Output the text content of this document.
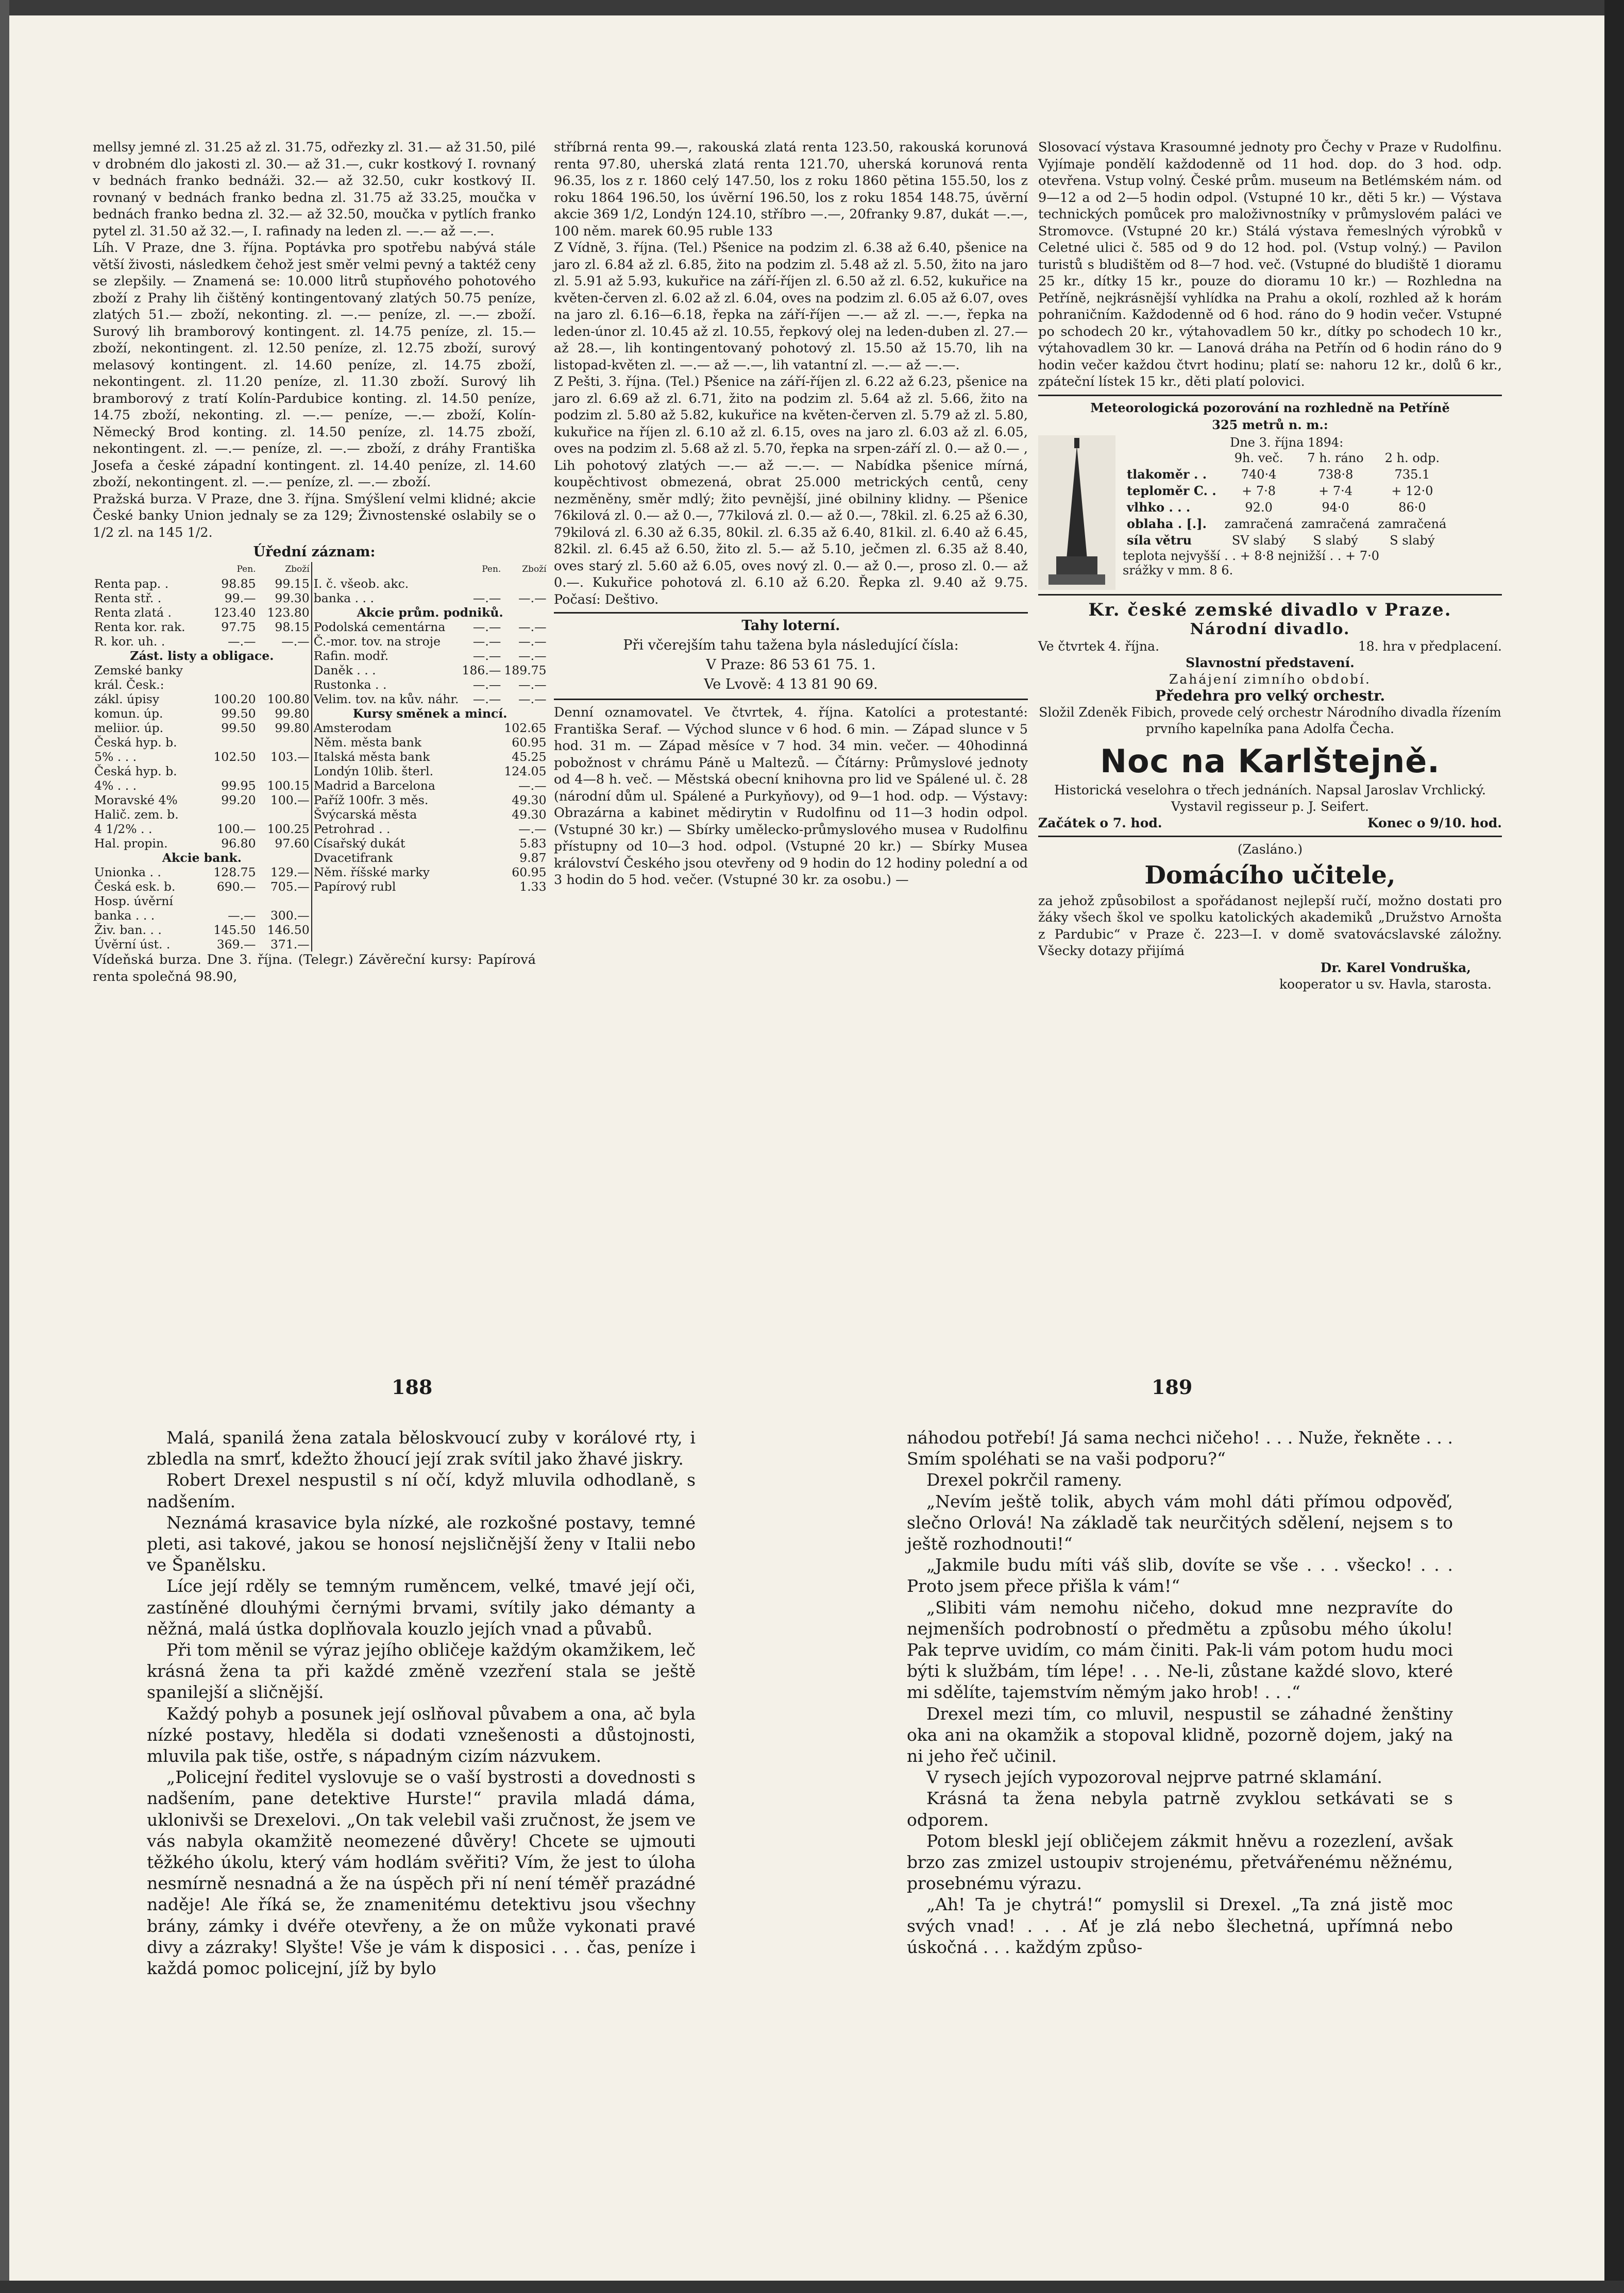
mellsy jemné zl. 31.25 až zl. 31.75, odřezky zl. 31.— až 31.50, pilé v drobném dlo jakosti zl. 30.— až 31.—, cukr kostkový I. rovnaný v bednách franko bednáži. 32.— až 32.50, cukr kostkový II. rovnaný v bednách franko bedna zl. 31.75 až 33.25, moučka v bednách franko bedna zl. 32.— až 32.50, moučka v pytlích franko pytel zl. 31.50 až 32.—, I. rafinady na leden zl. —.— až —.—.

Líh. V Praze, dne 3. října. Poptávka pro spotřebu nabývá stále větší živosti, následkem čehož jest směr velmi pevný a taktéž ceny se zlepšily. — Znamená se: 10.000 litrů stupňového pohotového zboží z Prahy lih čištěný kontingentovaný zlatých 50.75 peníze, zlatých 51.— zboží, nekonting. zl. —.— peníze, zl. —.— zboží. Surový lih bramborový kontingent. zl. 14.75 peníze, zl. 15.— zboží, nekontingent. zl. 12.50 peníze, zl. 12.75 zboží, surový melasový kontingent. zl. 14.60 peníze, zl. 14.75 zboží, nekontingent. zl. 11.20 peníze, zl. 11.30 zboží. Surový lih bramborový z tratí Kolín-Pardubice konting. zl. 14.50 peníze, 14.75 zboží, nekonting. zl. —.— peníze, —.— zboží, Kolín-Německý Brod konting. zl. 14.50 peníze, zl. 14.75 zboží, nekontingent. zl. —.— peníze, zl. —.— zboží, z dráhy Františka Josefa a české západní kontingent. zl. 14.40 peníze, zl. 14.60 zboží, nekontingent. zl. —.— peníze, zl. —.— zboží.

Pražská burza. V Praze, dne 3. října. Smýšlení velmi klidné; akcie České banky Union jednaly se za 129; Živnostenské oslabily se o 1/2 zl. na 145 1/2.

Úřední záznam:
	Pen.	Zboží
Renta pap. .	98.85	99.15
Renta stř. .	99.—	99.30
Renta zlatá .	123.40	123.80
Renta kor. rak.	97.75	98.15
R. kor. uh. .	—.—	—.—
Zást. listy a obligace.		
Zemské banky		
král. Česk.:		
zákl. úpisy	100.20	100.80
komun. úp.	99.50	99.80
meliior. úp.	99.50	99.80
Česká hyp. b.		
5% . . .	102.50	103.—
Česká hyp. b.		
4% . . .	99.95	100.15
Moravské 4%	99.20	100.—
Halič. zem. b.		
4 1/2% . .	100.—	100.25
Hal. propin.	96.80	97.60
Akcie bank.		
Unionka . .	128.75	129.—
Česká esk. b.	690.—	705.—
Hosp. úvěrní		
banka . . .	—.—	300.—
Živ. ban. . .	145.50	146.50
Úvěrní úst. .	369.—	371.—
	Pen.	Zboží
I. č. všeob. akc.		
banka . . .	—.—	—.—
Akcie prům. podniků.		
Podolská cementárna	—.—	—.—
Č.-mor. tov. na stroje	—.—	—.—
Rafin. modř.	—.—	—.—
Daněk . . .	186.—	189.75
Rustonka . .	—.—	—.—
Velim. tov. na kův. náhr.	—.—	—.—
Kursy směnek a mincí.		
Amsterodam		102.65
Něm. města bank		60.95
Italská města bank		45.25
Londýn 10lib. šterl.		124.05
Madrid a Barcelona		—.—
Paříž 100fr. 3 měs.		49.30
Švýcarská města		49.30
Petrohrad . .		—.—
Císařský dukát		5.83
Dvacetifrank		9.87
Něm. říšské marky		60.95
Papírový rubl		1.33

Vídeňská burza. Dne 3. října. (Telegr.) Závěreční kursy: Papírová renta společná 98.90,

stříbrná renta 99.—, rakouská zlatá renta 123.50, rakouská korunová renta 97.80, uherská zlatá renta 121.70, uherská korunová renta 96.35, los z r. 1860 celý 147.50, los z roku 1860 pětina 155.50, los z roku 1864 196.50, los úvěrní 196.50, los z roku 1854 148.75, úvěrní akcie 369 1/2, Londýn 124.10, stříbro —.—, 20franky 9.87, dukát —.—, 100 něm. marek 60.95 ruble 133

Z Vídně, 3. října. (Tel.) Pšenice na podzim zl. 6.38 až 6.40, pšenice na jaro zl. 6.84 až zl. 6.85, žito na podzim zl. 5.48 až zl. 5.50, žito na jaro zl. 5.91 až 5.93, kukuřice na září-říjen zl. 6.50 až zl. 6.52, kukuřice na květen-červen zl. 6.02 až zl. 6.04, oves na podzim zl. 6.05 až 6.07, oves na jaro zl. 6.16—6.18, řepka na září-říjen —.— až zl. —.—, řepka na leden-únor zl. 10.45 až zl. 10.55, řepkový olej na leden-duben zl. 27.— až 28.—, lih kontingentovaný pohotový zl. 15.50 až 15.70, lih na listopad-květen zl. —.— až —.—, lih vatantní zl. —.— až —.—.

Z Pešti, 3. října. (Tel.) Pšenice na září-říjen zl. 6.22 až 6.23, pšenice na jaro zl. 6.69 až zl. 6.71, žito na podzim zl. 5.64 až zl. 5.66, žito na podzim zl. 5.80 až 5.82, kukuřice na květen-červen zl. 5.79 až zl. 5.80, kukuřice na říjen zl. 6.10 až zl. 6.15, oves na jaro zl. 6.03 až zl. 6.05, oves na podzim zl. 5.68 až zl. 5.70, řepka na srpen-září zl. 0.— až 0.— , Lih pohotový zlatých —.— až —.—. — Nabídka pšenice mírná, koupěchtivost obmezená, obrat 25.000 metrických centů, ceny nezměněny, směr mdlý; žito pevnější, jiné obilniny klidny. — Pšenice 76kilová zl. 0.— až 0.—, 77kilová zl. 0.— až 0.—, 78kil. zl. 6.25 až 6.30, 79kilová zl. 6.30 až 6.35, 80kil. zl. 6.35 až 6.40, 81kil. zl. 6.40 až 6.45, 82kil. zl. 6.45 až 6.50, žito zl. 5.— až 5.10, ječmen zl. 6.35 až 8.40, oves starý zl. 5.60 až 6.05, oves nový zl. 0.— až 0.—, proso zl. 0.— až 0.—. Kukuřice pohotová zl. 6.10 až 6.20. Řepka zl. 9.40 až 9.75. Počasí: Deštivo.

Tahy loterní.
Při včerejším tahu tažena byla následující čísla:
V Praze: 86 53 61 75. 1.
Ve Lvově: 4 13 81 90 69.

Denní oznamovatel. Ve čtvrtek, 4. října. Katolíci a protestanté: Františka Seraf. — Východ slunce v 6 hod. 6 min. — Západ slunce v 5 hod. 31 m. — Západ měsíce v 7 hod. 34 min. večer. — 40hodinná pobožnost v chrámu Páně u Maltezů. — Čítárny: Průmyslové jednoty od 4—8 h. več. — Městská obecní knihovna pro lid ve Spálené ul. č. 28 (národní dům ul. Spálené a Purkyňovy), od 9—1 hod. odp. — Výstavy: Obrazárna a kabinet mědirytin v Rudolfinu od 11—3 hodin odpol. (Vstupné 30 kr.) — Sbírky umělecko-průmyslového musea v Rudolfinu přístupny od 10—3 hod. odpol. (Vstupné 20 kr.) — Sbírky Musea království Českého jsou otevřeny od 9 hodin do 12 hodiny polední a od 3 hodin do 5 hod. večer. (Vstupné 30 kr. za osobu.) —

Slosovací výstava Krasoumné jednoty pro Čechy v Praze v Rudolfinu. Vyjímaje pondělí každodenně od 11 hod. dop. do 3 hod. odp. otevřena. Vstup volný. České prům. museum na Betlémském nám. od 9—12 a od 2—5 hodin odpol. (Vstupné 10 kr., děti 5 kr.) — Výstava technických pomůcek pro maloživnostníky v průmyslovém paláci ve Stromovce. (Vstupné 20 kr.) Stálá výstava řemeslných výrobků v Celetné ulici č. 585 od 9 do 12 hod. pol. (Vstup volný.) — Pavilon turistů s bludištěm od 8—7 hod. več. (Vstupné do bludiště 1 dioramu 25 kr., dítky 15 kr., pouze do dioramu 10 kr.) — Rozhledna na Petříně, nejkrásnější vyhlídka na Prahu a okolí, rozhled až k horám pohraničním. Každodenně od 6 hod. ráno do 9 hodin večer. Vstupné po schodech 20 kr., výtahovadlem 50 kr., dítky po schodech 10 kr., výtahovadlem 30 kr. — Lanová dráha na Petřín od 6 hodin ráno do 9 hodin večer každou čtvrt hodinu; platí se: nahoru 12 kr., dolů 6 kr., zpáteční lístek 15 kr., děti platí polovici.

Meteorologická pozorování na rozhledně na Petříně
325 metrů n. m.:
Dne 3. října 1894:
	9h. več.	7 h. ráno	2 h. odp.
tlakoměr . .	740·4	738·8	735.1
teploměr C. .	+ 7·8	+ 7·4	+ 12·0
vlhko . . .	92.0	94·0	86·0
oblaha . [.].	zamračená	zamračená	zamračená
síla větru	SV slabý	S slabý	S slabý
teplota nejvyšší . . + 8·8 nejnižší . . + 7·0
srážky v mm. 8 6.
Kr. české zemské divadlo v Praze.
Národní divadlo.
Ve čtvrtek 4. října.	18. hra v předplacení.
Slavnostní představení.
Zahájení zimního období.
Předehra pro velký orchestr.
Složil Zdeněk Fibich, provede celý orchestr Národního divadla řízením prvního kapelníka pana Adolfa Čecha.
Noc na Karlštejně.
Historická veselohra o třech jednáních. Napsal Jaroslav Vrchlický. Vystavil regisseur p. J. Seifert.
Začátek o 7. hod.	Konec o 9/10. hod.
(Zasláno.)
Domácího učitele,

za jehož způsobilost a spořádanost nejlepší ručí, možno dostati pro žáky všech škol ve spolku katolických akademiků „Družstvo Arnošta z Pardubic“ v Praze č. 223—I. v domě svatovácslavské záložny. Všecky dotazy přijímá

Dr. Karel Vondruška,
kooperator u sv. Havla, starosta.
188	189

Malá, spanilá žena zatala běloskvoucí zuby v korálové rty, i zbledla na smrť, kdežto žhoucí její zrak svítil jako žhavé jiskry.

Robert Drexel nespustil s ní očí, když mluvila odhodlaně, s nadšením.

Neznámá krasavice byla nízké, ale rozkošné postavy, temné pleti, asi takové, jakou se honosí nejsličnější ženy v Italii nebo ve Španělsku.

Líce její rděly se temným ruměncem, velké, tmavé její oči, zastíněné dlouhými černými brvami, svítily jako démanty a něžná, malá ústka doplňovala kouzlo jejích vnad a půvabů.

Při tom měnil se výraz jejího obličeje každým okamžikem, leč krásná žena ta při každé změně vzezření stala se ještě spanilejší a sličnější.

Každý pohyb a posunek její oslňoval půvabem a ona, ač byla nízké postavy, hleděla si dodati vznešenosti a důstojnosti, mluvila pak tiše, ostře, s nápadným cizím názvukem.

„Policejní ředitel vyslovuje se o vaší bystrosti a dovednosti s nadšením, pane detektive Hurste!“ pravila mladá dáma, uklonivši se Drexelovi. „On tak velebil vaši zručnost, že jsem ve vás nabyla okamžitě neomezené důvěry! Chcete se ujmouti těžkého úkolu, který vám hodlám svěřiti? Vím, že jest to úloha nesmírně nesnadná a že na úspěch při ní není téměř prazádné naděje! Ale říká se, že znamenitému detektivu jsou všechny brány, zámky i dvéře otevřeny, a že on může vykonati pravé divy a zázraky! Slyšte! Vše je vám k disposici . . . čas, peníze i každá pomoc policejní, jíž by bylo

náhodou potřebí! Já sama nechci ničeho! . . . Nuže, řekněte . . . Smím spoléhati se na vaši podporu?“

Drexel pokrčil rameny.

„Nevím ještě tolik, abych vám mohl dáti přímou odpověď, slečno Orlová! Na základě tak neurčitých sdělení, nejsem s to ještě rozhodnouti!“

„Jakmile budu míti váš slib, dovíte se vše . . . všecko! . . . Proto jsem přece přišla k vám!“

„Slibiti vám nemohu ničeho, dokud mne nezpravíte do nejmenších podrobností o předmětu a způsobu mého úkolu! Pak teprve uvidím, co mám činiti. Pak-li vám potom hudu moci býti k službám, tím lépe! . . . Ne-li, zůstane každé slovo, které mi sdělíte, tajemstvím němým jako hrob! . . .“

Drexel mezi tím, co mluvil, nespustil se záhadné ženštiny oka ani na okamžik a stopoval klidně, pozorně dojem, jaký na ni jeho řeč učinil.

V rysech jejích vypozoroval nejprve patrné sklamání.

Krásná ta žena nebyla patrně zvyklou setkávati se s odporem.

Potom bleskl její obličejem zákmit hněvu a rozezlení, avšak brzo zas zmizel ustoupiv strojenému, přetvářenému něžnému, prosebnému výrazu.

„Ah! Ta je chytrá!“ pomyslil si Drexel. „Ta zná jistě moc svých vnad! . . . Ať je zlá nebo šlechetná, upřímná nebo úskočná . . . každým způso-
